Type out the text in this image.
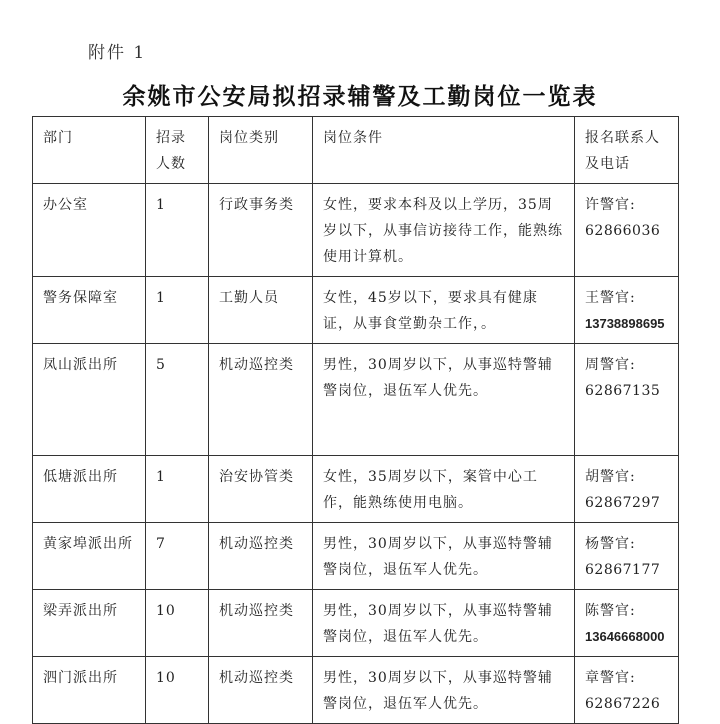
附件 1
余姚市公安局拟招录辅警及工勤岗位一览表
部门	招录人数	岗位类别	岗位条件	报名联系人及电话
办公室	1	行政事务类	女性，要求本科及以上学历，35周岁以下，从事信访接待工作，能熟练使用计算机。	许警官:
62866036

警务保障室	1	工勤人员	女性，45岁以下，要求具有健康证，从事食堂勤杂工作，。	王警官:
13738898695

凤山派出所	5	机动巡控类	男性，30周岁以下，从事巡特警辅警岗位，退伍军人优先。	周警官:
62867135

低塘派出所	1	治安协管类	女性，35周岁以下，案管中心工作，能熟练使用电脑。	胡警官:
62867297

黄家埠派出所	7	机动巡控类	男性，30周岁以下，从事巡特警辅警岗位，退伍军人优先。	杨警官:
62867177

梁弄派出所	10	机动巡控类	男性，30周岁以下，从事巡特警辅警岗位，退伍军人优先。	陈警官:
13646668000

泗门派出所	10	机动巡控类	男性，30周岁以下，从事巡特警辅警岗位，退伍军人优先。	章警官:
62867226
